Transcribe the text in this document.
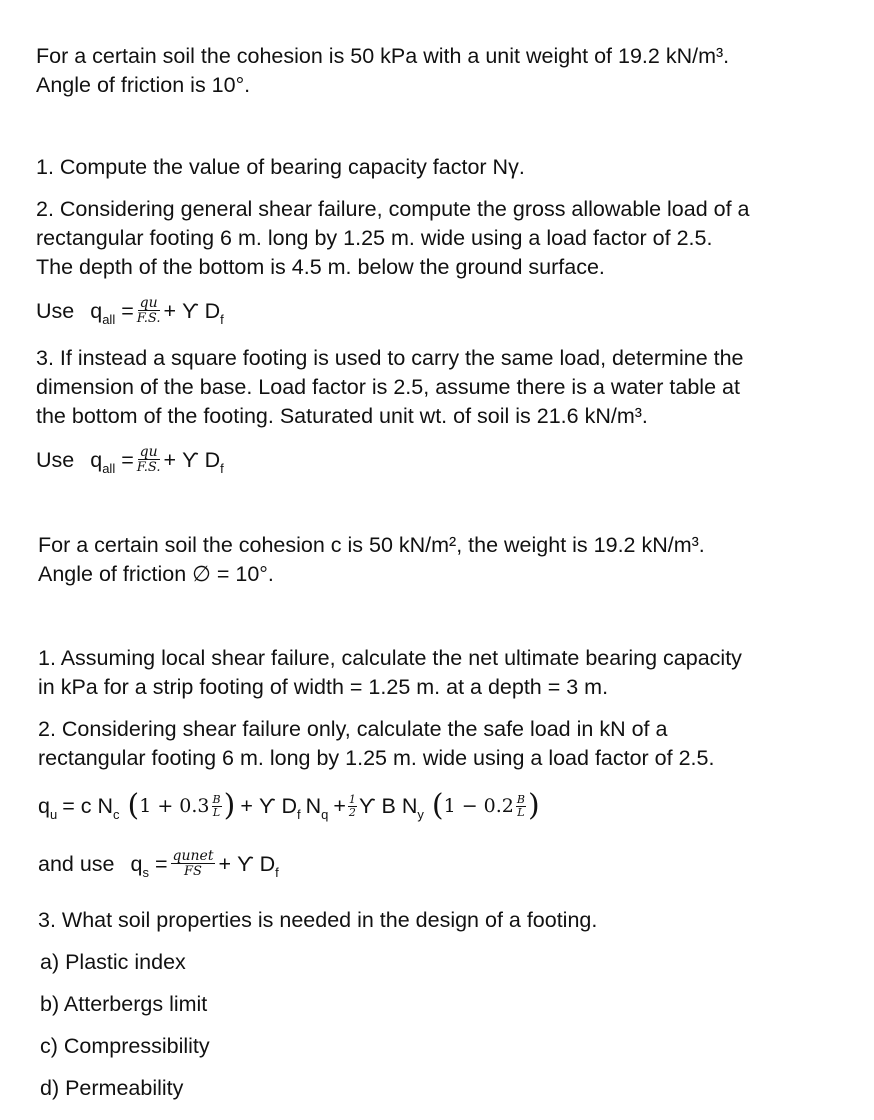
For a certain soil the cohesion is 50 kPa with a unit weight of 19.2 kN/m³.
Angle of friction is 10°.
1. Compute the value of bearing capacity factor Nγ.
2. Considering general shear failure, compute the gross allowable load of a
rectangular footing 6 m. long by 1.25 m. wide using a load factor of 2.5.
The depth of the bottom is 4.5 m. below the ground surface.
Use $q_{all} = \frac{qu}{F.S.} + ϒ$ $D_f$
3. If instead a square footing is used to carry the same load, determine the
dimension of the base. Load factor is 2.5, assume there is a water table at
the bottom of the footing. Saturated unit wt. of soil is 21.6 kN/m³.
Use $q_{all} = \frac{qu}{F.S.} + ϒ$ $D_f$
For a certain soil the cohesion c is 50 kN/m², the weight is 19.2 kN/m³.
Angle of friction ∅ = 10°.
1. Assuming local shear failure, calculate the net ultimate bearing capacity
in kPa for a strip footing of width = 1.25 m. at a depth = 3 m.
2. Considering shear failure only, calculate the safe load in kN of a
rectangular footing 6 m. long by 1.25 m. wide using a load factor of 2.5.
$q_u = c$ $N_c$ ( $1 + 0.3 \frac{B}{L}$ ) + ϒ $D_f$ $N_q + \frac{1}{2}$ ϒ B $N_y$ ( $1 - 0.2 \frac{B}{L}$ )
and use $q_s = \frac{\text{qunet}}{FS} + ϒ$ $D_f$
3. What soil properties is needed in the design of a footing.
a) Plastic index
b) Atterbergs limit
c) Compressibility
d) Permeability
